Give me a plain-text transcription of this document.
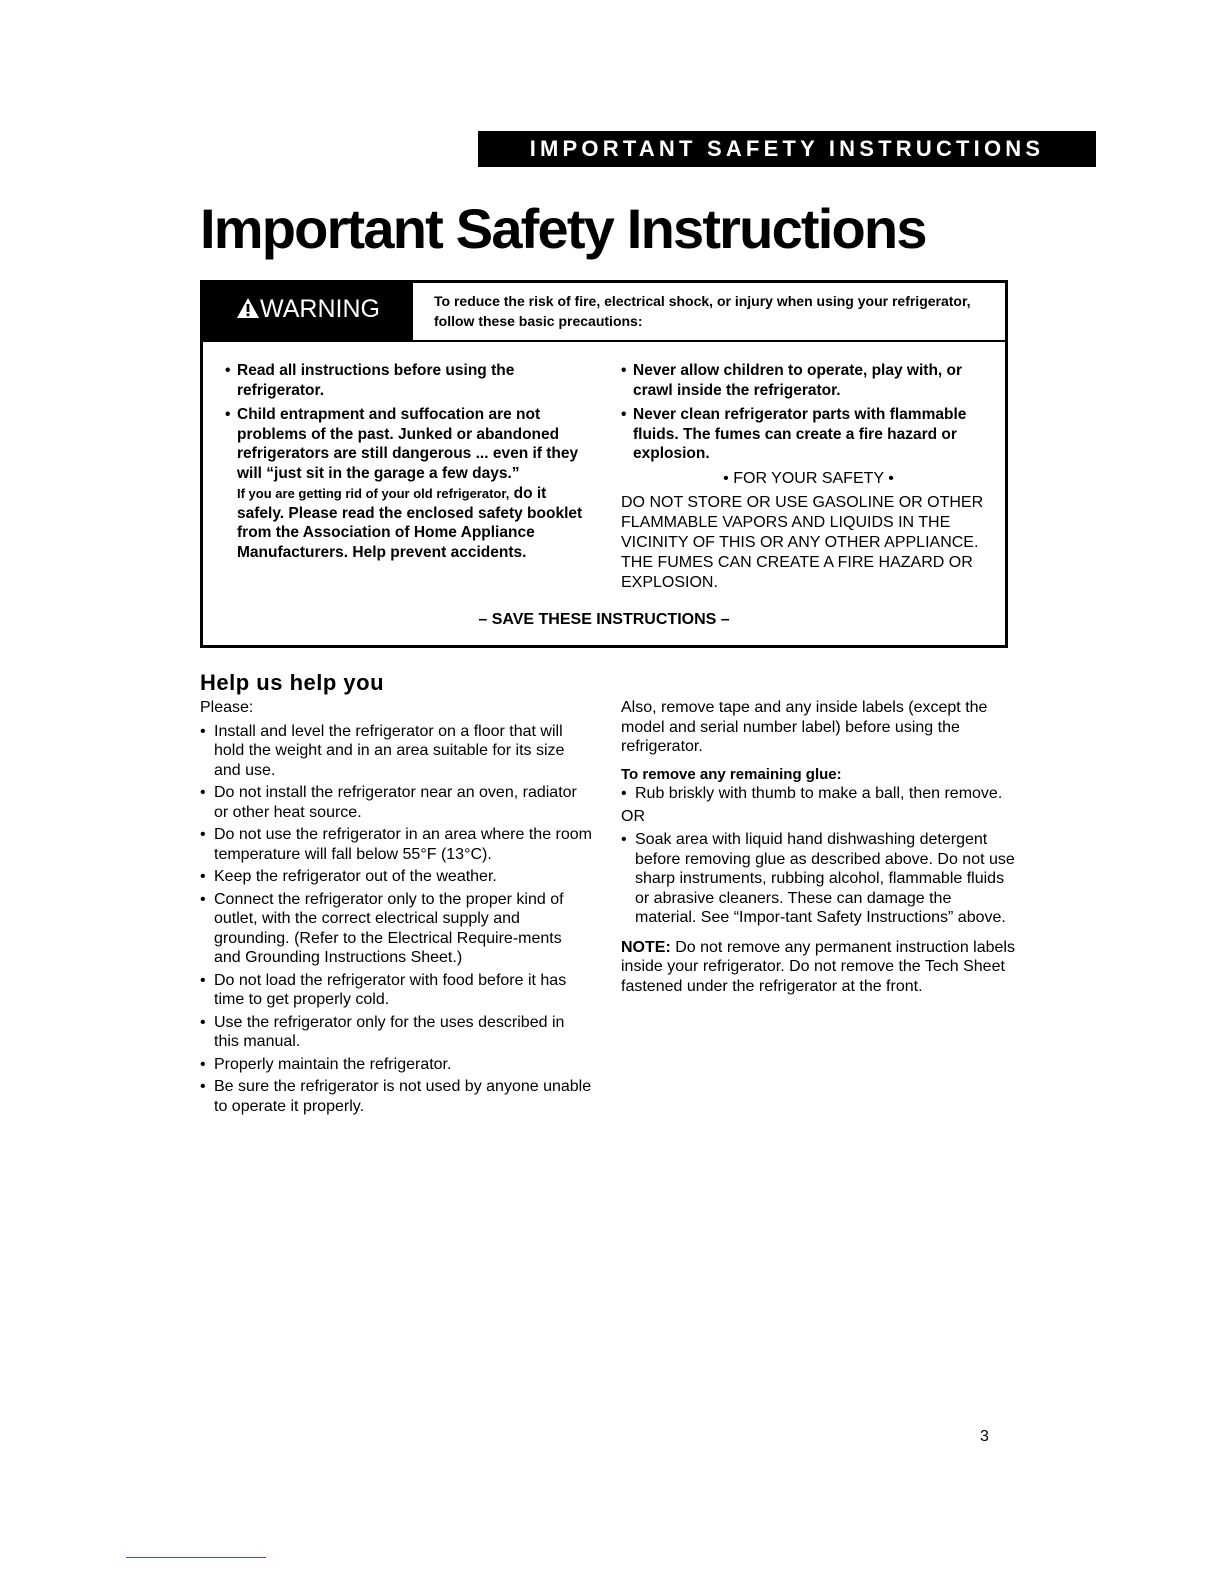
IMPORTANT SAFETY INSTRUCTIONS
Important Safety Instructions
WARNING	To reduce the risk of fire, electrical shock, or injury when using your refrigerator, follow these basic precautions:

• Read all instructions before using the refrigerator.
• Child entrapment and suffocation are not problems of the past. Junked or abandoned refrigerators are still dangerous ... even if they will “just sit in the garage a few days.”
If you are getting rid of your old refrigerator, do it safely. Please read the enclosed safety booklet from the Association of Home Appliance Manufacturers. Help prevent accidents.
• Never allow children to operate, play with, or crawl inside the refrigerator.
• Never clean refrigerator parts with flammable fluids. The fumes can create a fire hazard or explosion.
• FOR YOUR SAFETY •

DO NOT STORE OR USE GASOLINE OR OTHER FLAMMABLE VAPORS AND LIQUIDS IN THE VICINITY OF THIS OR ANY OTHER APPLIANCE. THE FUMES CAN CREATE A FIRE HAZARD OR EXPLOSION.

– SAVE THESE INSTRUCTIONS –
Help us help you

Please:

• Install and level the refrigerator on a floor that will hold the weight and in an area suitable for its size and use.
• Do not install the refrigerator near an oven, radiator or other heat source.
• Do not use the refrigerator in an area where the room temperature will fall below 55°F (13°C).
• Keep the refrigerator out of the weather.
• Connect the refrigerator only to the proper kind of outlet, with the correct electrical supply and grounding. (Refer to the Electrical Require-ments and Grounding Instructions Sheet.)
• Do not load the refrigerator with food before it has time to get properly cold.
• Use the refrigerator only for the uses described in this manual.
• Properly maintain the refrigerator.
• Be sure the refrigerator is not used by anyone unable to operate it properly.

Also, remove tape and any inside labels (except the model and serial number label) before using the refrigerator.

To remove any remaining glue:
• Rub briskly with thumb to make a ball, then remove.

OR

• Soak area with liquid hand dishwashing detergent before removing glue as described above. Do not use sharp instruments, rubbing alcohol, flammable fluids or abrasive cleaners. These can damage the material. See “Impor-tant Safety Instructions” above.

NOTE: Do not remove any permanent instruction labels inside your refrigerator. Do not remove the Tech Sheet fastened under the refrigerator at the front.

3
